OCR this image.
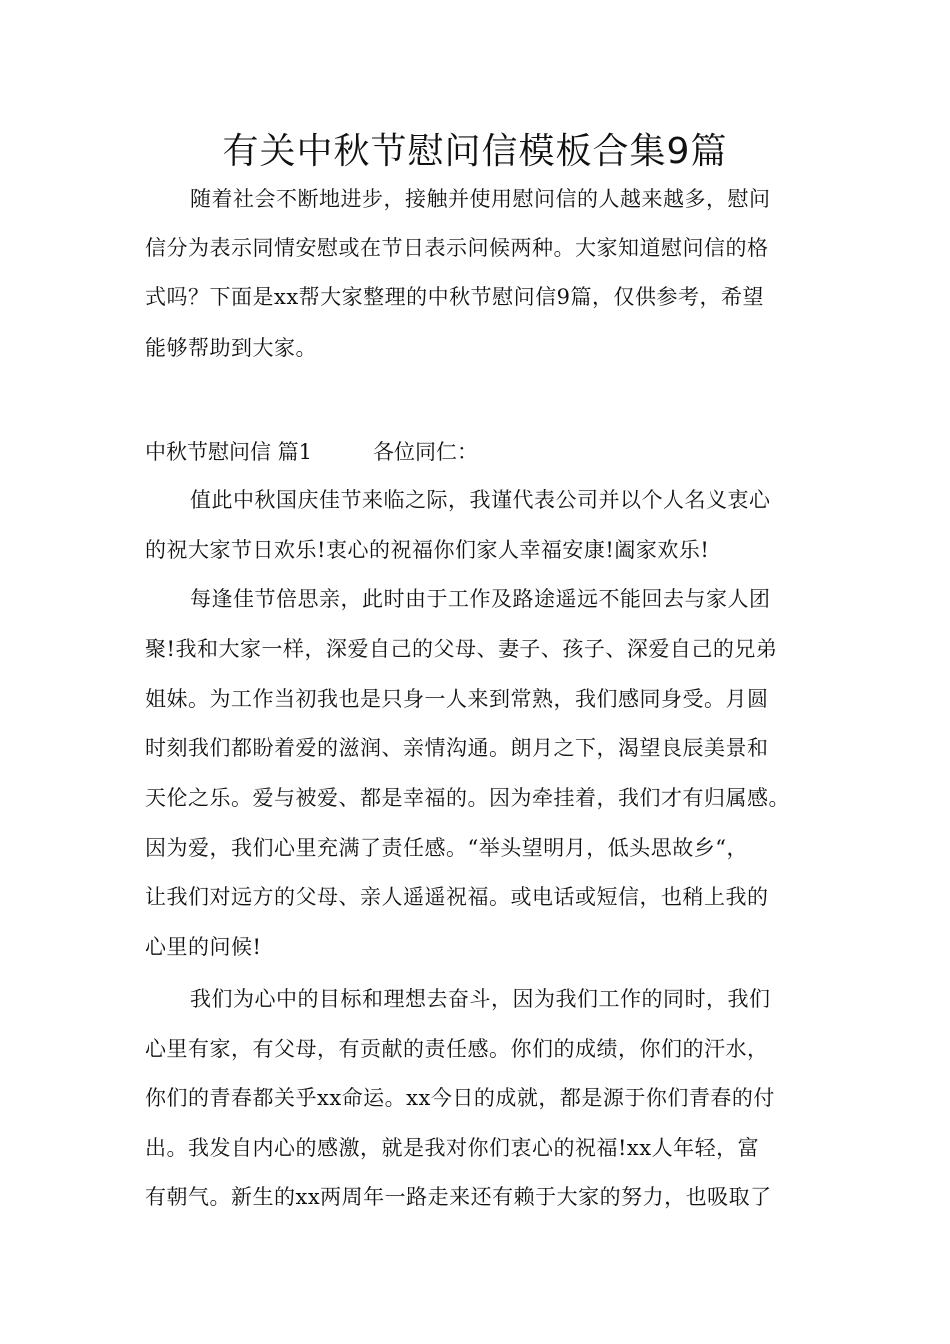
有关中秋节慰问信模板合集9篇
随着社会不断地进步，接触并使用慰问信的人越来越多，慰问
信分为表示同情安慰或在节日表示问候两种。大家知道慰问信的格
式吗？下面是xx帮大家整理的中秋节慰问信9篇，仅供参考，希望
能够帮助到大家。
中秋节慰问信 篇1	各位同仁：
值此中秋国庆佳节来临之际，我谨代表公司并以个人名义衷心
的祝大家节日欢乐!衷心的祝福你们家人幸福安康!阖家欢乐!
每逢佳节倍思亲，此时由于工作及路途遥远不能回去与家人团
聚!我和大家一样，深爱自己的父母、妻子、孩子、深爱自己的兄弟
姐妹。为工作当初我也是只身一人来到常熟，我们感同身受。月圆
时刻我们都盼着爱的滋润、亲情沟通。朗月之下，渴望良辰美景和
天伦之乐。爱与被爱、都是幸福的。因为牵挂着，我们才有归属感。
因为爱，我们心里充满了责任感。“举头望明月，低头思故乡“，
让我们对远方的父母、亲人遥遥祝福。或电话或短信，也稍上我的
心里的问候!
我们为心中的目标和理想去奋斗，因为我们工作的同时，我们
心里有家，有父母，有贡献的责任感。你们的成绩，你们的汗水，
你们的青春都关乎xx命运。xx今日的成就，都是源于你们青春的付
出。我发自内心的感激，就是我对你们衷心的祝福!xx人年轻，富
有朝气。新生的xx两周年一路走来还有赖于大家的努力，也吸取了
